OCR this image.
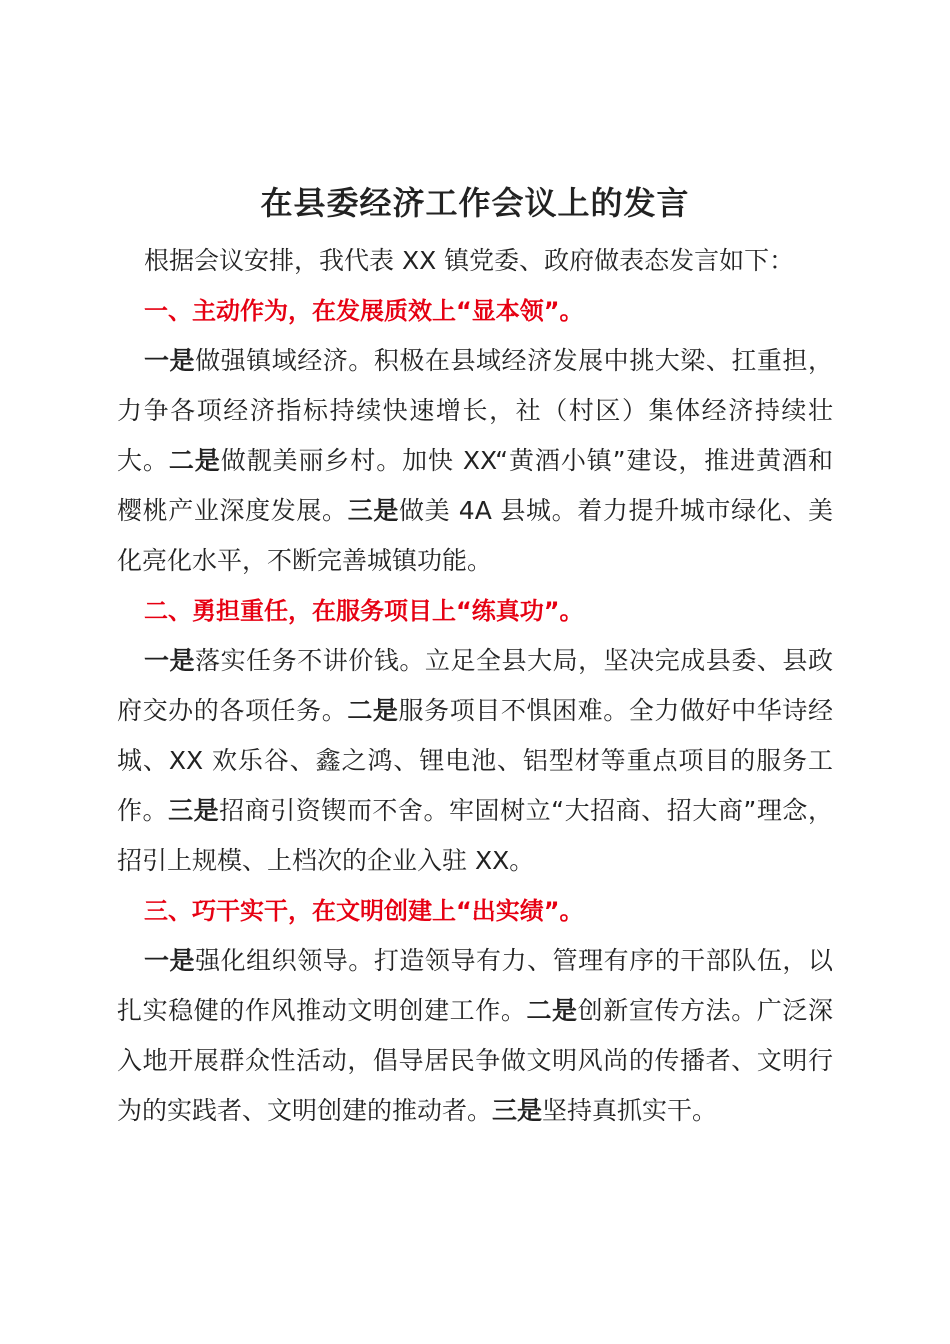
在县委经济工作会议上的发言

根据会议安排，我代表 XX 镇党委、政府做表态发言如下：

一、主动作为，在发展质效上“显本领”。

一是做强镇域经济。积极在县域经济发展中挑大梁、扛重担，力争各项经济指标持续快速增长，社（村区）集体经济持续壮大。二是做靓美丽乡村。加快 XX“黄酒小镇”建设，推进黄酒和樱桃产业深度发展。三是做美 4A 县城。着力提升城市绿化、美化亮化水平，不断完善城镇功能。

二、勇担重任，在服务项目上“练真功”。

一是落实任务不讲价钱。立足全县大局，坚决完成县委、县政府交办的各项任务。二是服务项目不惧困难。全力做好中华诗经城、XX 欢乐谷、鑫之鸿、锂电池、铝型材等重点项目的服务工作。三是招商引资锲而不舍。牢固树立“大招商、招大商”理念，招引上规模、上档次的企业入驻 XX。

三、巧干实干，在文明创建上“出实绩”。

一是强化组织领导。打造领导有力、管理有序的干部队伍，以扎实稳健的作风推动文明创建工作。二是创新宣传方法。广泛深入地开展群众性活动，倡导居民争做文明风尚的传播者、文明行为的实践者、文明创建的推动者。三是坚持真抓实干。
